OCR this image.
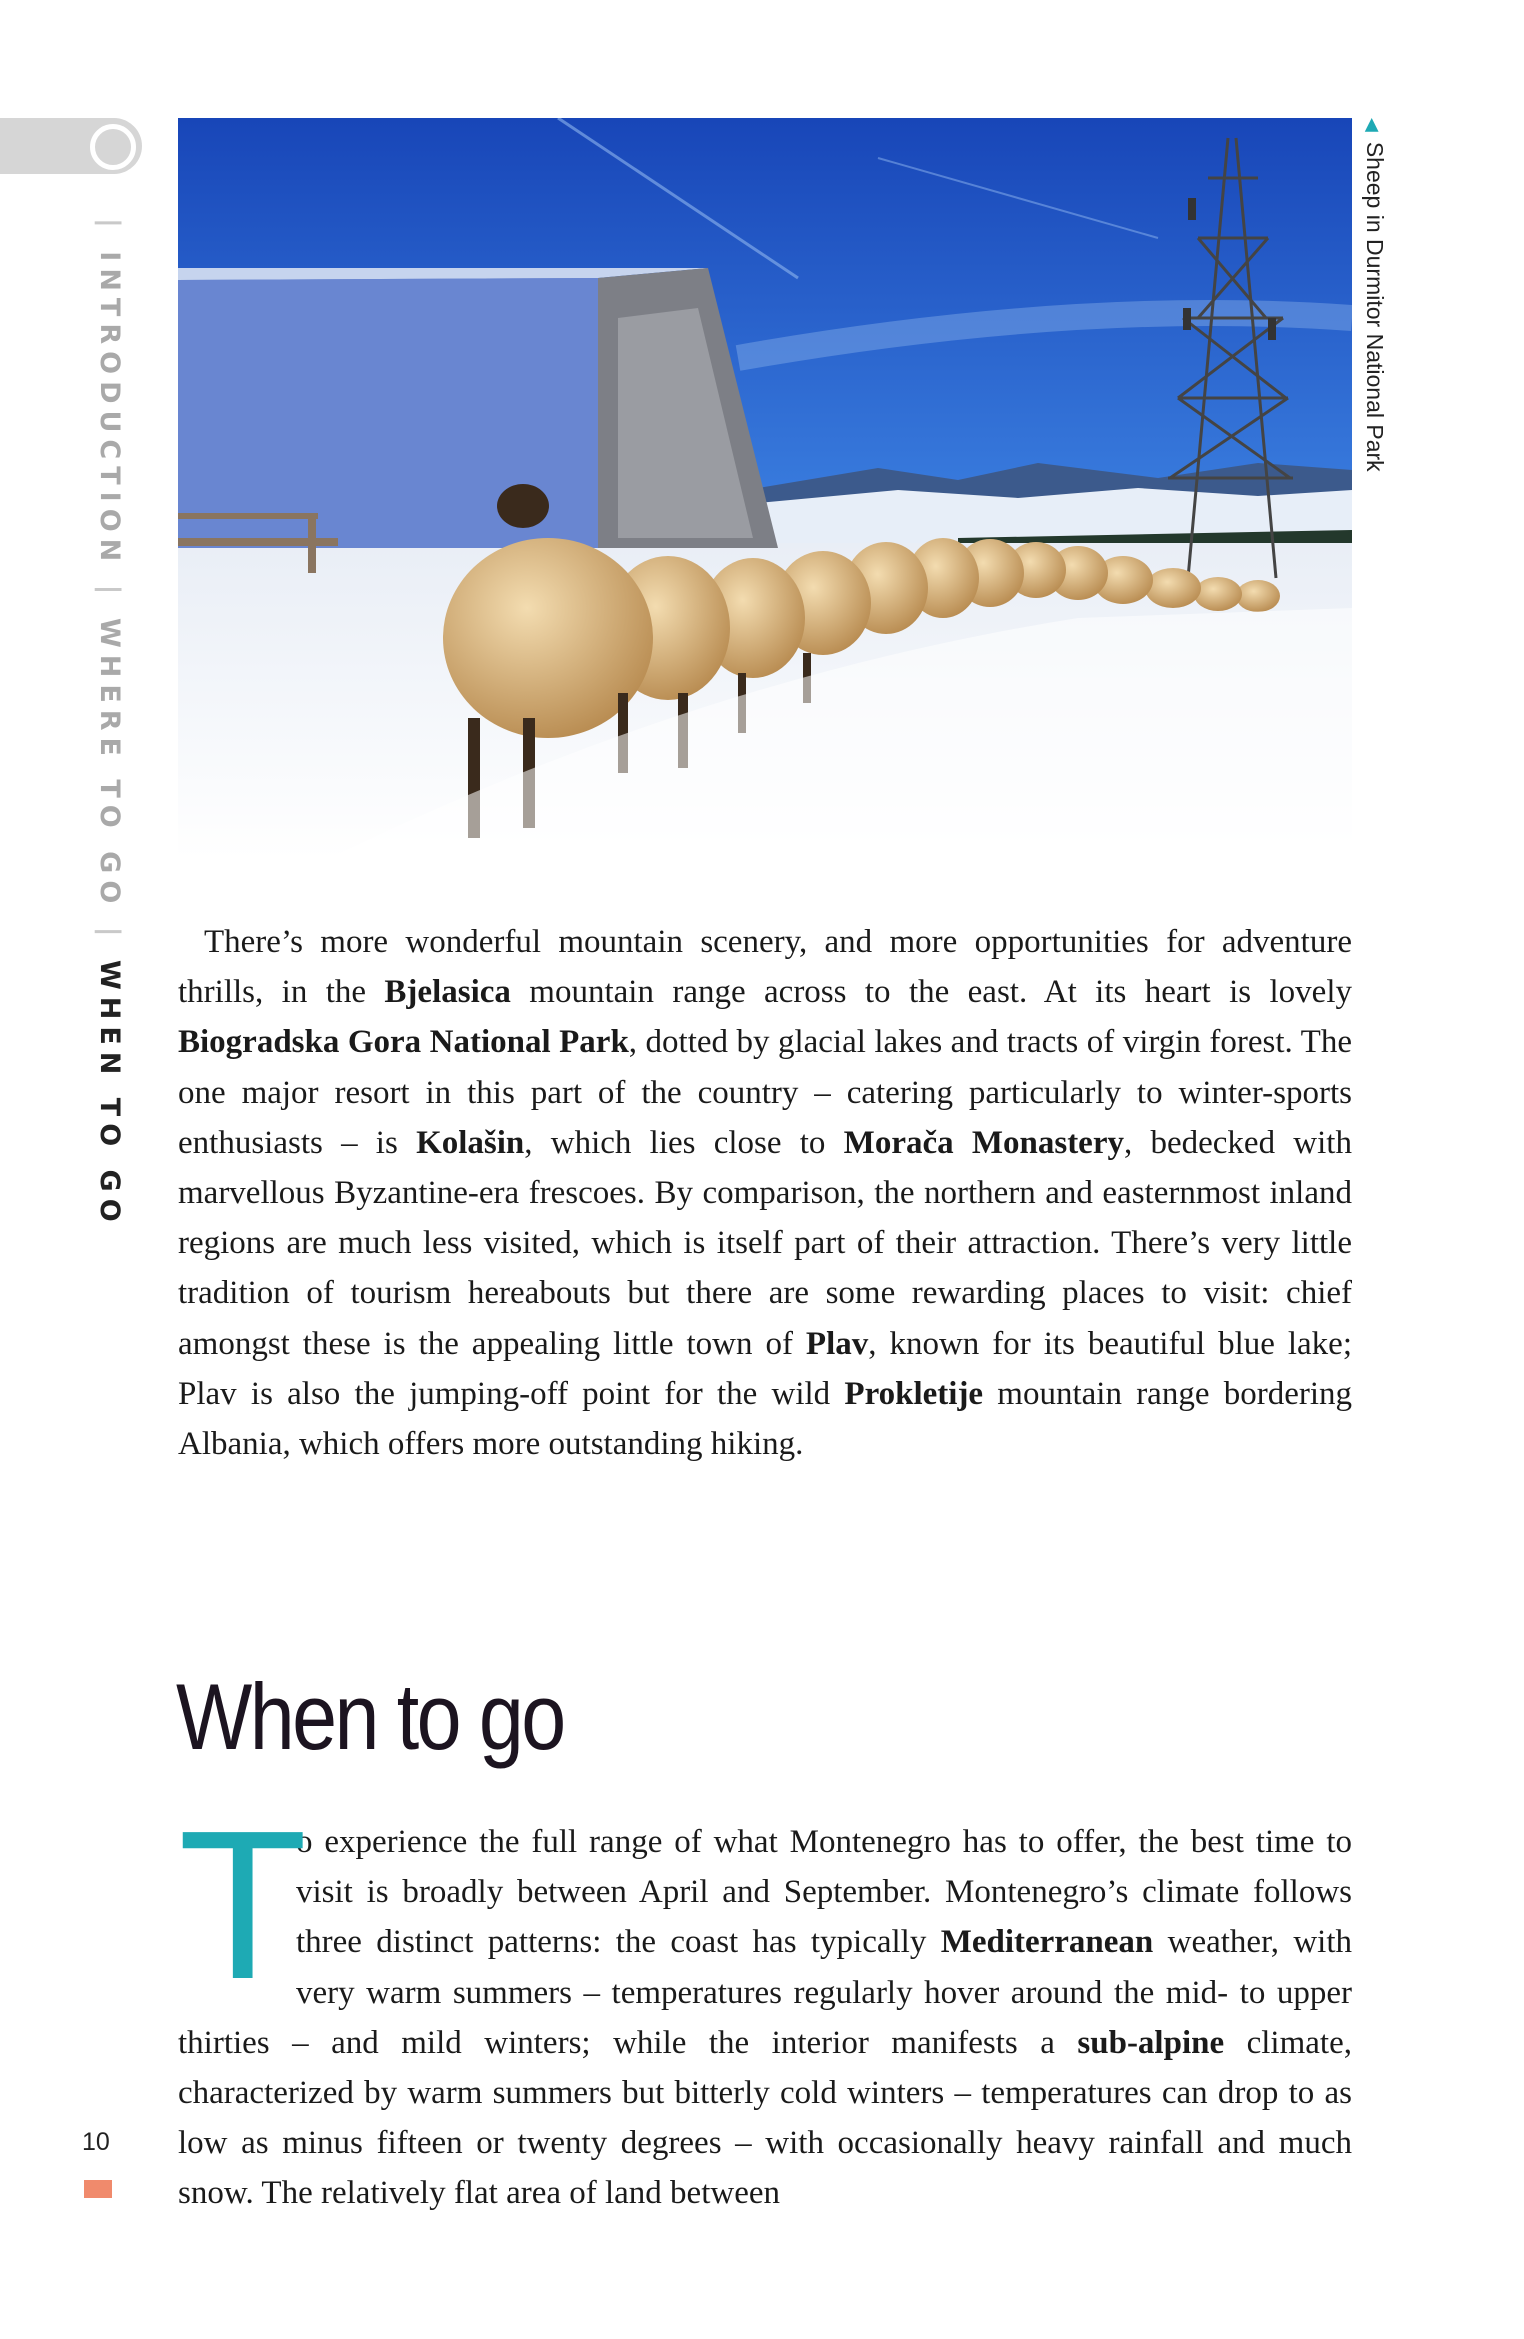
| INTRODUCTION | WHERE TO GO | WHEN TO GO
◀Sheep in Durmitor National Park

There’s more wonderful mountain scenery, and more opportunities for adventure thrills, in the Bjelasica mountain range across to the east. At its heart is lovely Biogradska Gora National Park, dotted by glacial lakes and tracts of virgin forest. The one major resort in this part of the country – catering particularly to winter-sports enthusiasts – is Kolašin, which lies close to Morača Monastery, bedecked with marvellous Byzantine-era frescoes. By comparison, the northern and easternmost inland regions are much less visited, which is itself part of their attraction. There’s very little tradition of tourism hereabouts but there are some rewarding places to visit: chief amongst these is the appealing little town of Plav, known for its beautiful blue lake; Plav is also the jumping-off point for the wild Prokletije mountain range bordering Albania, which offers more outstanding hiking.

When to go

T
o experience the full range of what Montenegro has to offer, the best time to visit is broadly between April and September. Montenegro’s climate follows three distinct patterns: the coast has typically Mediterranean weather, with very warm summers – temperatures regularly hover around the mid- to upper thirties – and mild winters; while the interior manifests a sub-alpine climate, characterized by warm summers but bitterly cold winters – temperatures can drop to as low as minus fifteen or twenty degrees – with occasionally heavy rainfall and much snow. The relatively flat area of land between

10
